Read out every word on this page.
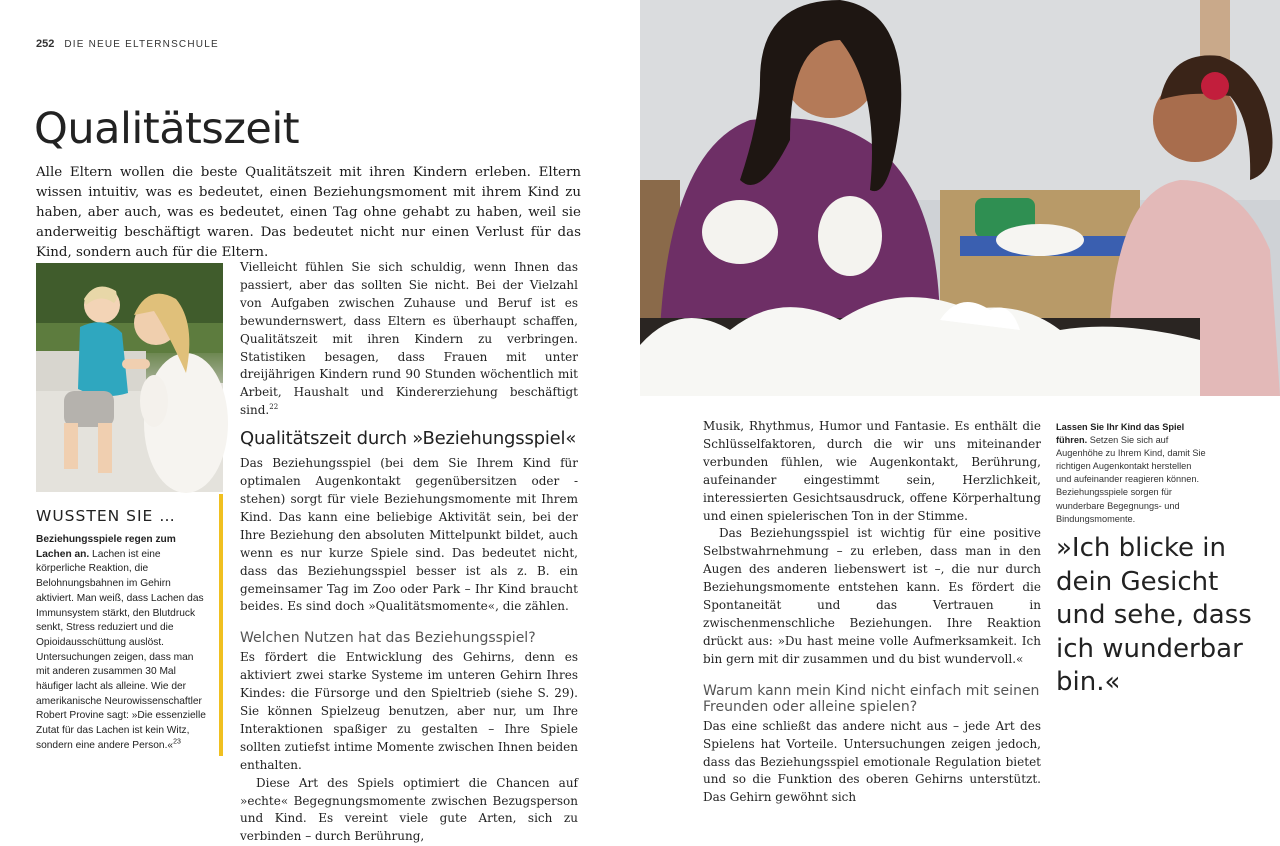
252 DIE NEUE ELTERNSCHULE
Qualitätszeit

Alle Eltern wollen die beste Qualitätszeit mit ihren Kindern erleben. Eltern wissen intuitiv, was es bedeutet, einen Beziehungsmoment mit ihrem Kind zu haben, aber auch, was es bedeutet, einen Tag ohne gehabt zu haben, weil sie anderweitig beschäftigt waren. Das bedeutet nicht nur einen Verlust für das Kind, sondern auch für die Eltern.

WUSSTEN SIE …

Beziehungsspiele regen zum Lachen an. Lachen ist eine körperliche Reaktion, die Belohnungsbahnen im Gehirn aktiviert. Man weiß, dass Lachen das Immunsystem stärkt, den Blutdruck senkt, Stress reduziert und die Opioidausschüttung auslöst. Untersuchungen zeigen, dass man mit anderen zusammen 30 Mal häufiger lacht als alleine. Wie der amerikanische Neurowissenschaftler Robert Provine sagt: »Die essenzielle Zutat für das Lachen ist kein Witz, sondern eine andere Person.«$^{23}$

Vielleicht fühlen Sie sich schuldig, wenn Ihnen das passiert, aber das sollten Sie nicht. Bei der Vielzahl von Aufgaben zwischen Zuhause und Beruf ist es bewundernswert, dass Eltern es überhaupt schaffen, Qualitätszeit mit ihren Kindern zu verbringen. Statistiken besagen, dass Frauen mit unter dreijährigen Kindern rund 90 Stunden wöchentlich mit Arbeit, Haushalt und Kindererziehung beschäftigt sind.$^{22}$

Qualitätszeit durch »Beziehungsspiel«

Das Beziehungsspiel (bei dem Sie Ihrem Kind für optimalen Augenkontakt gegenübersitzen oder -stehen) sorgt für viele Beziehungsmomente mit Ihrem Kind. Das kann eine beliebige Aktivität sein, bei der Ihre Beziehung den absoluten Mittelpunkt bildet, auch wenn es nur kurze Spiele sind. Das bedeutet nicht, dass das Beziehungsspiel besser ist als z. B. ein gemeinsamer Tag im Zoo oder Park – Ihr Kind braucht beides. Es sind doch »Qualitätsmomente«, die zählen.

Welchen Nutzen hat das Beziehungsspiel?

Es fördert die Entwicklung des Gehirns, denn es aktiviert zwei starke Systeme im unteren Gehirn Ihres Kindes: die Fürsorge und den Spieltrieb (siehe S. 29). Sie können Spielzeug benutzen, aber nur, um Ihre Interaktionen spaßiger zu gestalten – Ihre Spiele sollten zutiefst intime Momente zwischen Ihnen beiden enthalten.

Diese Art des Spiels optimiert die Chancen auf »echte« Begegnungsmomente zwischen Bezugsperson und Kind. Es vereint viele gute Arten, sich zu verbinden – durch Berührung,

Musik, Rhythmus, Humor und Fantasie. Es enthält die Schlüsselfaktoren, durch die wir uns miteinander verbunden fühlen, wie Augenkontakt, Berührung, aufeinander eingestimmt sein, Herzlichkeit, interessierten Gesichtsausdruck, offene Körperhaltung und einen spielerischen Ton in der Stimme.

Das Beziehungsspiel ist wichtig für eine positive Selbstwahrnehmung – zu erleben, dass man in den Augen des anderen liebenswert ist –, die nur durch Beziehungsmomente entstehen kann. Es fördert die Spontaneität und das Vertrauen in zwischenmenschliche Beziehungen. Ihre Reaktion drückt aus: »Du hast meine volle Aufmerksamkeit. Ich bin gern mit dir zusammen und du bist wundervoll.«

Warum kann mein Kind nicht einfach mit seinen Freunden oder alleine spielen?

Das eine schließt das andere nicht aus – jede Art des Spielens hat Vorteile. Untersuchungen zeigen jedoch, dass das Beziehungsspiel emotionale Regulation bietet und so die Funktion des oberen Gehirns unterstützt. Das Gehirn gewöhnt sich

Lassen Sie Ihr Kind das Spiel führen. Setzen Sie sich auf Augenhöhe zu Ihrem Kind, damit Sie richtigen Augenkontakt herstellen und aufeinander reagieren können. Beziehungsspiele sorgen für wunderbare Begegnungs- und Bindungsmomente.

»Ich blicke in dein Gesicht und sehe, dass ich wunderbar bin.«
